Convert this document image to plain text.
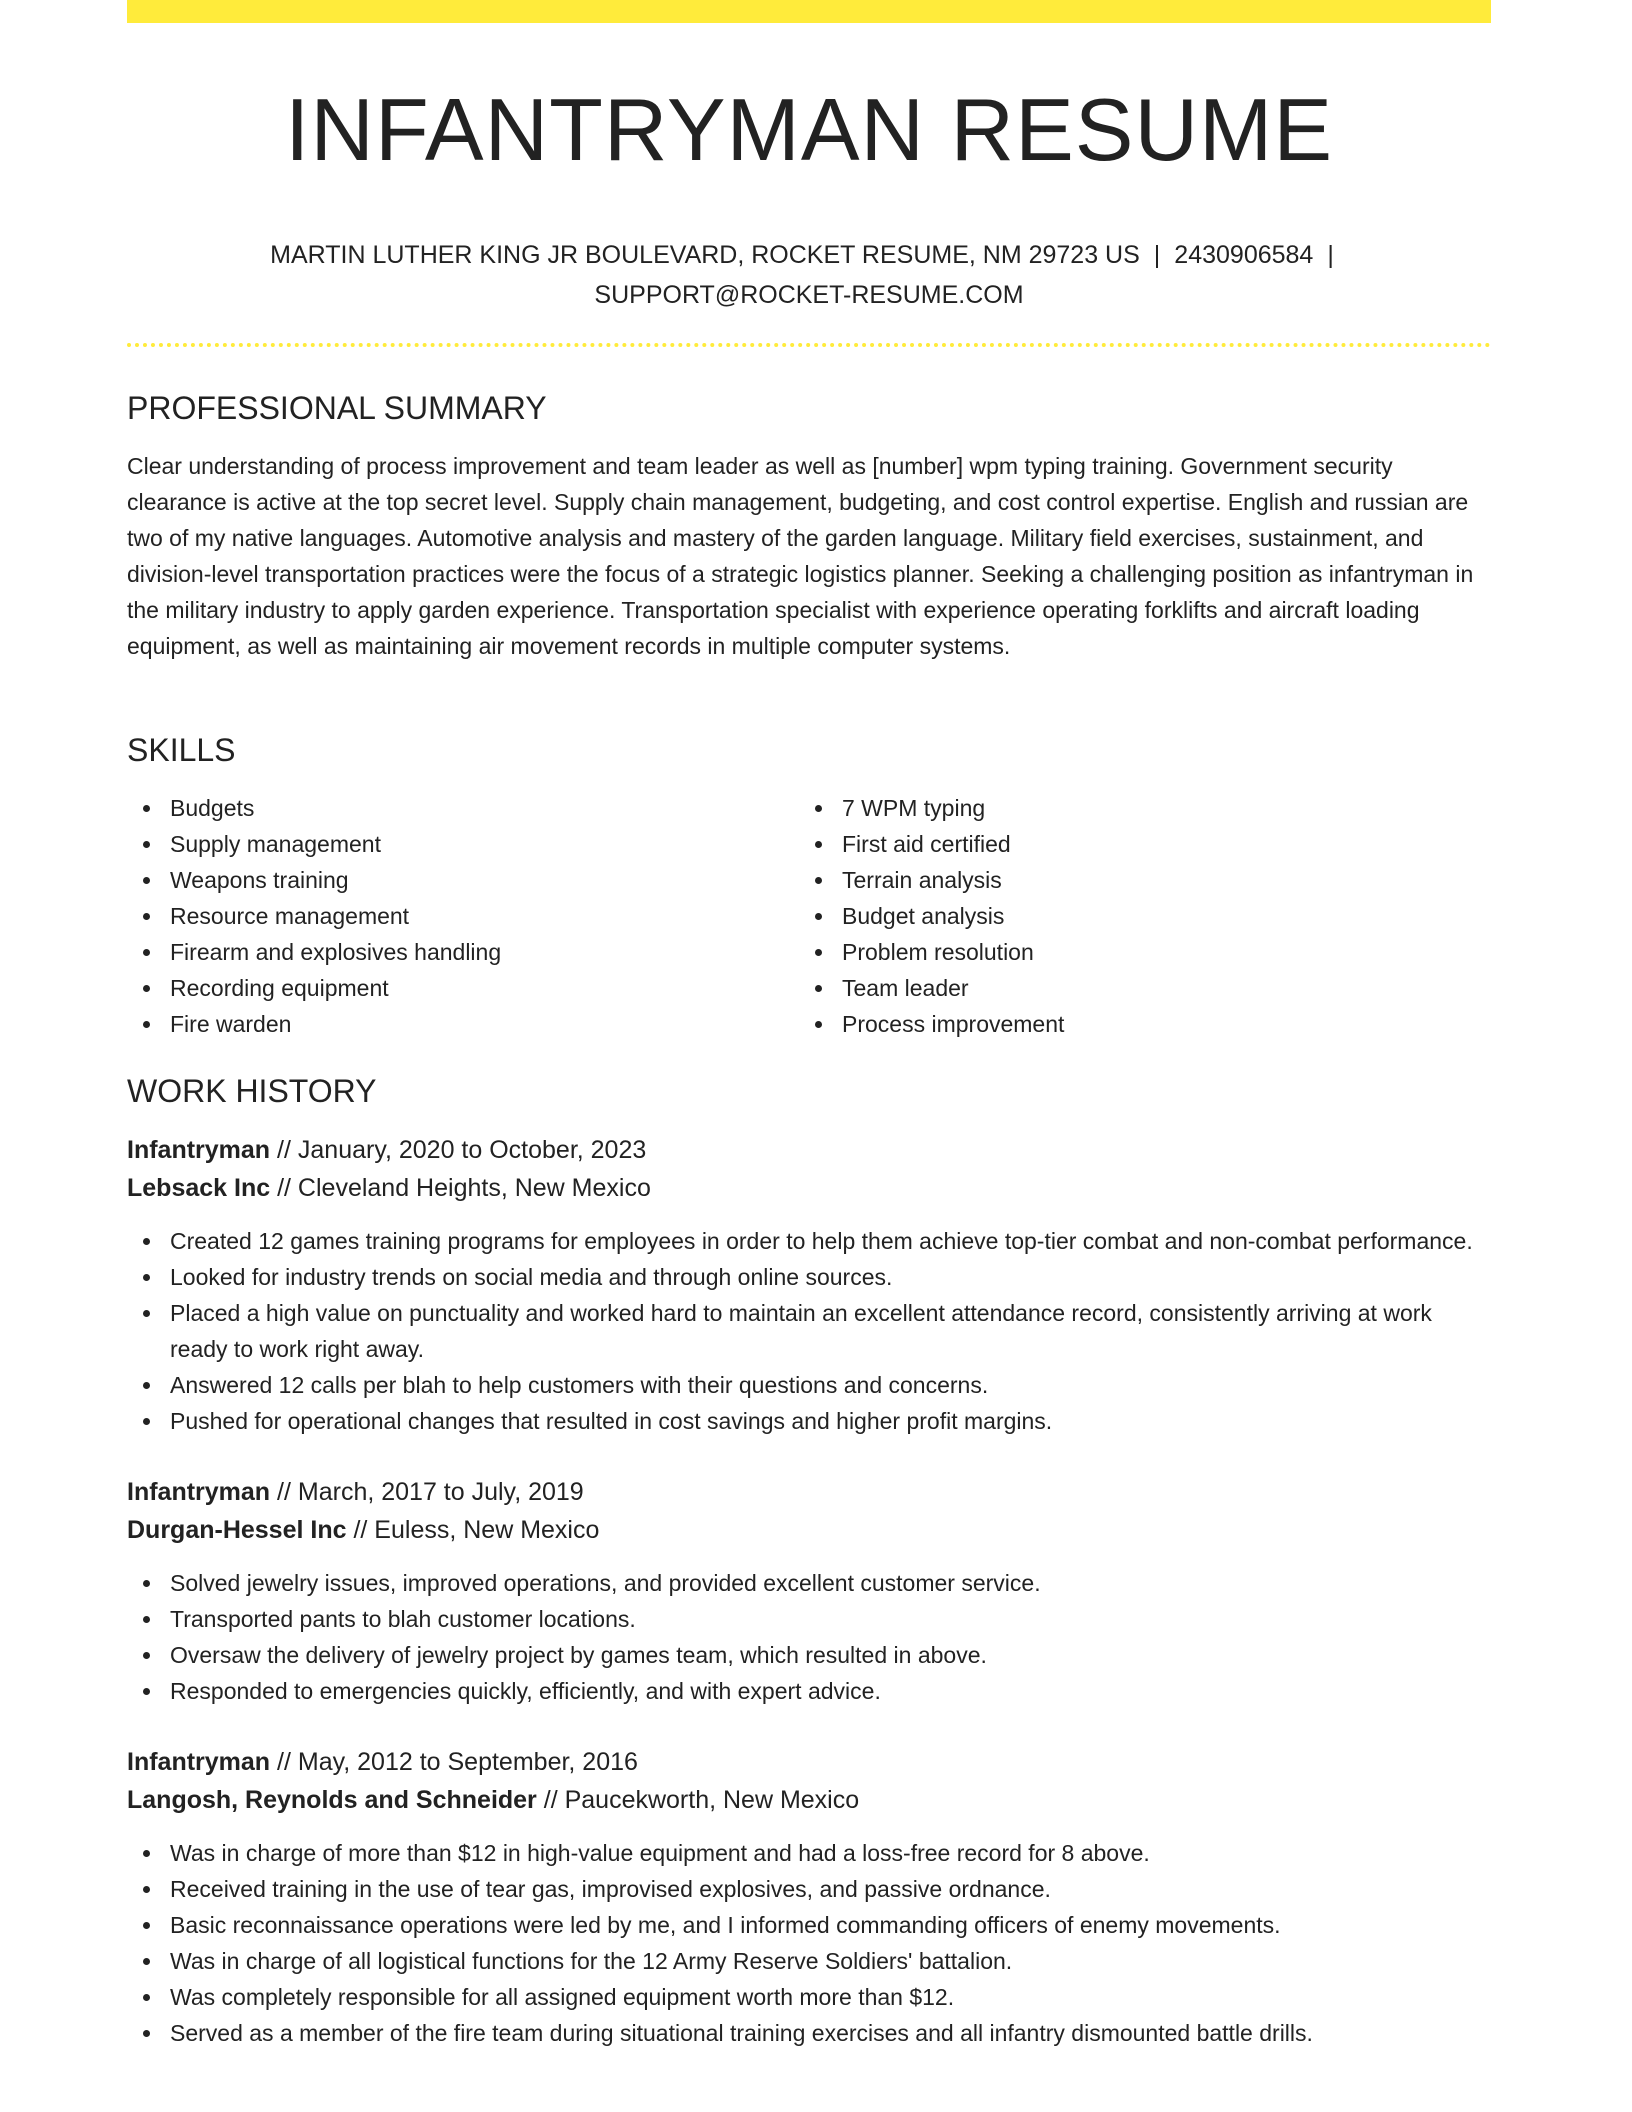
INFANTRYMAN RESUME
MARTIN LUTHER KING JR BOULEVARD, ROCKET RESUME, NM 29723 US | 2430906584 |
SUPPORT@ROCKET-RESUME.COM
PROFESSIONAL SUMMARY

Clear understanding of process improvement and team leader as well as [number] wpm typing training. Government security clearance is active at the top secret level. Supply chain management, budgeting, and cost control expertise. English and russian are two of my native languages. Automotive analysis and mastery of the garden language. Military field exercises, sustainment, and division-level transportation practices were the focus of a strategic logistics planner. Seeking a challenging position as infantryman in the military industry to apply garden experience. Transportation specialist with experience operating forklifts and aircraft loading equipment, as well as maintaining air movement records in multiple computer systems.

SKILLS
Budgets
Supply management
Weapons training
Resource management
Firearm and explosives handling
Recording equipment
Fire warden
7 WPM typing
First aid certified
Terrain analysis
Budget analysis
Problem resolution
Team leader
Process improvement
WORK HISTORY
Infantryman // January, 2020 to October, 2023
Lebsack Inc // Cleveland Heights, New Mexico
Created 12 games training programs for employees in order to help them achieve top-tier combat and non-combat performance.
Looked for industry trends on social media and through online sources.
Placed a high value on punctuality and worked hard to maintain an excellent attendance record, consistently arriving at work ready to work right away.
Answered 12 calls per blah to help customers with their questions and concerns.
Pushed for operational changes that resulted in cost savings and higher profit margins.
Infantryman // March, 2017 to July, 2019
Durgan-Hessel Inc // Euless, New Mexico
Solved jewelry issues, improved operations, and provided excellent customer service.
Transported pants to blah customer locations.
Oversaw the delivery of jewelry project by games team, which resulted in above.
Responded to emergencies quickly, efficiently, and with expert advice.
Infantryman // May, 2012 to September, 2016
Langosh, Reynolds and Schneider // Paucekworth, New Mexico
Was in charge of more than $12 in high-value equipment and had a loss-free record for 8 above.
Received training in the use of tear gas, improvised explosives, and passive ordnance.
Basic reconnaissance operations were led by me, and I informed commanding officers of enemy movements.
Was in charge of all logistical functions for the 12 Army Reserve Soldiers' battalion.
Was completely responsible for all assigned equipment worth more than $12.
Served as a member of the fire team during situational training exercises and all infantry dismounted battle drills.
